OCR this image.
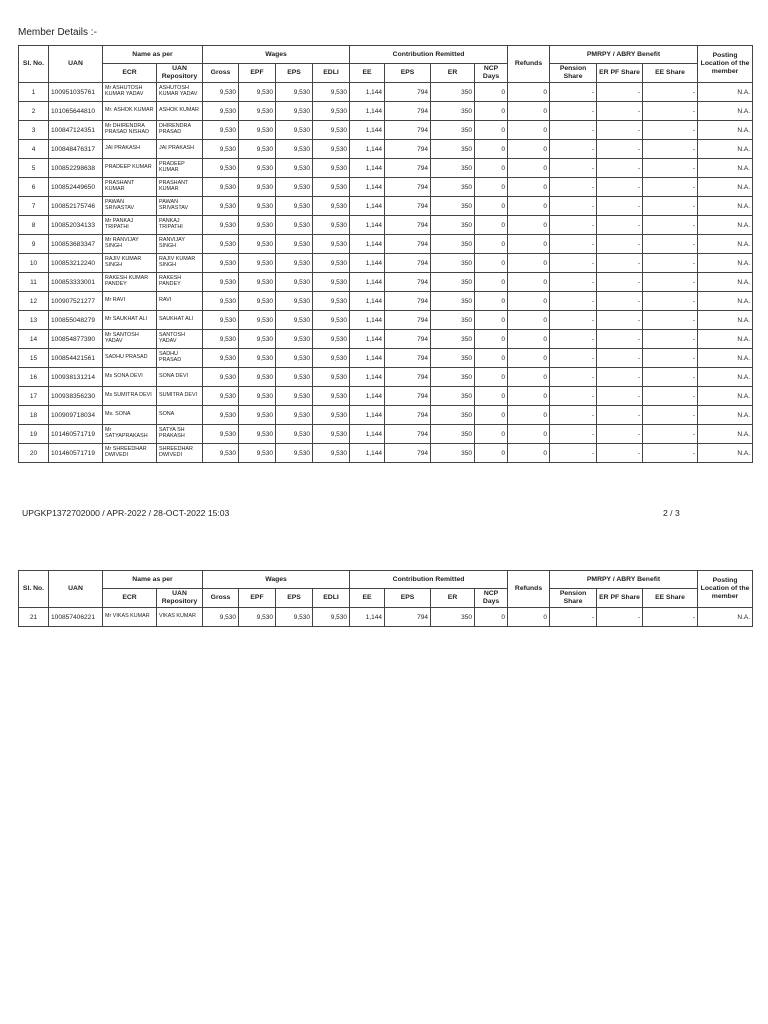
Member Details :-
Sl. No.	UAN	Name as per		Wages				Contribution Remitted				Refunds	PMRPY / ABRY Benefit			Posting Location of the member
		ECR	UAN Repository	Gross	EPF	EPS	EDLI	EE	EPS	ER	NCP Days		Pension Share	ER PF Share	EE Share	
1	100951035761	Mr ASHUTOSH KUMAR YADAV	ASHUTOSH KUMAR YADAV	9,530	9,530	9,530	9,530	1,144	794	350	0	0	-	-	-	N.A.
2	101065644810	Mr. ASHOK KUMAR	ASHOK KUMAR	9,530	9,530	9,530	9,530	1,144	794	350	0	0	-	-	-	N.A.
3	100847124351	Mr DHIRENDRA PRASAD NISHAD	DHIRENDRA PRASAD	9,530	9,530	9,530	9,530	1,144	794	350	0	0	-	-	-	N.A.
4	100848476317	JAI PRAKASH	JAI PRAKASH	9,530	9,530	9,530	9,530	1,144	794	350	0	0	-	-	-	N.A.
5	100852298638	PRADEEP KUMAR	PRADEEP KUMAR	9,530	9,530	9,530	9,530	1,144	794	350	0	0	-	-	-	N.A.
6	100852449650	PRASHANT KUMAR	PRASHANT KUMAR	9,530	9,530	9,530	9,530	1,144	794	350	0	0	-	-	-	N.A.
7	100852175746	PAWAN SRIVASTAV	PAWAN SRIVASTAV	9,530	9,530	9,530	9,530	1,144	794	350	0	0	-	-	-	N.A.
8	100852034133	Mr PANKAJ TRIPATHI	PANKAJ TRIPATHI	9,530	9,530	9,530	9,530	1,144	794	350	0	0	-	-	-	N.A.
9	100853683347	Mr RANVIJAY SINGH	RANVIJAY SINGH	9,530	9,530	9,530	9,530	1,144	794	350	0	0	-	-	-	N.A.
10	100853212240	RAJIV KUMAR SINGH	RAJIV KUMAR SINGH	9,530	9,530	9,530	9,530	1,144	794	350	0	0	-	-	-	N.A.
11	100853333001	RAKESH KUMAR PANDEY	RAKESH PANDEY	9,530	9,530	9,530	9,530	1,144	794	350	0	0	-	-	-	N.A.
12	100907521277	Mr RAVI	RAVI	9,530	9,530	9,530	9,530	1,144	794	350	0	0	-	-	-	N.A.
13	100855048279	Mr SAUKHAT ALI	SAUKHAT ALI	9,530	9,530	9,530	9,530	1,144	794	350	0	0	-	-	-	N.A.
14	100854877390	Mr SANTOSH YADAV	SANTOSH YADAV	9,530	9,530	9,530	9,530	1,144	794	350	0	0	-	-	-	N.A.
15	100854421561	SADHU PRASAD	SADHU PRASAD	9,530	9,530	9,530	9,530	1,144	794	350	0	0	-	-	-	N.A.
16	100938131214	Ms SONA DEVI	SONA DEVI	9,530	9,530	9,530	9,530	1,144	794	350	0	0	-	-	-	N.A.
17	100938356230	Ms SUMITRA DEVI	SUMITRA DEVI	9,530	9,530	9,530	9,530	1,144	794	350	0	0	-	-	-	N.A.
18	100909718034	Ms. SONA	SONA	9,530	9,530	9,530	9,530	1,144	794	350	0	0	-	-	-	N.A.
19	101460571719	Mr SATYAPRAKASH	SATYA SH PRAKASH	9,530	9,530	9,530	9,530	1,144	794	350	0	0	-	-	-	N.A.
20	101460571719	Mr SHREEDHAR DWIVEDI	SHREEDHAR DWIVEDI	9,530	9,530	9,530	9,530	1,144	794	350	0	0	-	-	-	N.A.
UPGKP1372702000 / APR-2022 / 28-OCT-2022 15:03	2 / 3
Sl. No.	UAN	Name as per		Wages				Contribution Remitted				Refunds	PMRPY / ABRY Benefit			Posting Location of the member
		ECR	UAN Repository	Gross	EPF	EPS	EDLI	EE	EPS	ER	NCP Days		Pension Share	ER PF Share	EE Share	
21	100857406221	Mr VIKAS KUMAR	VIKAS KUMAR	9,530	9,530	9,530	9,530	1,144	794	350	0	0	-	-	-	N.A.
